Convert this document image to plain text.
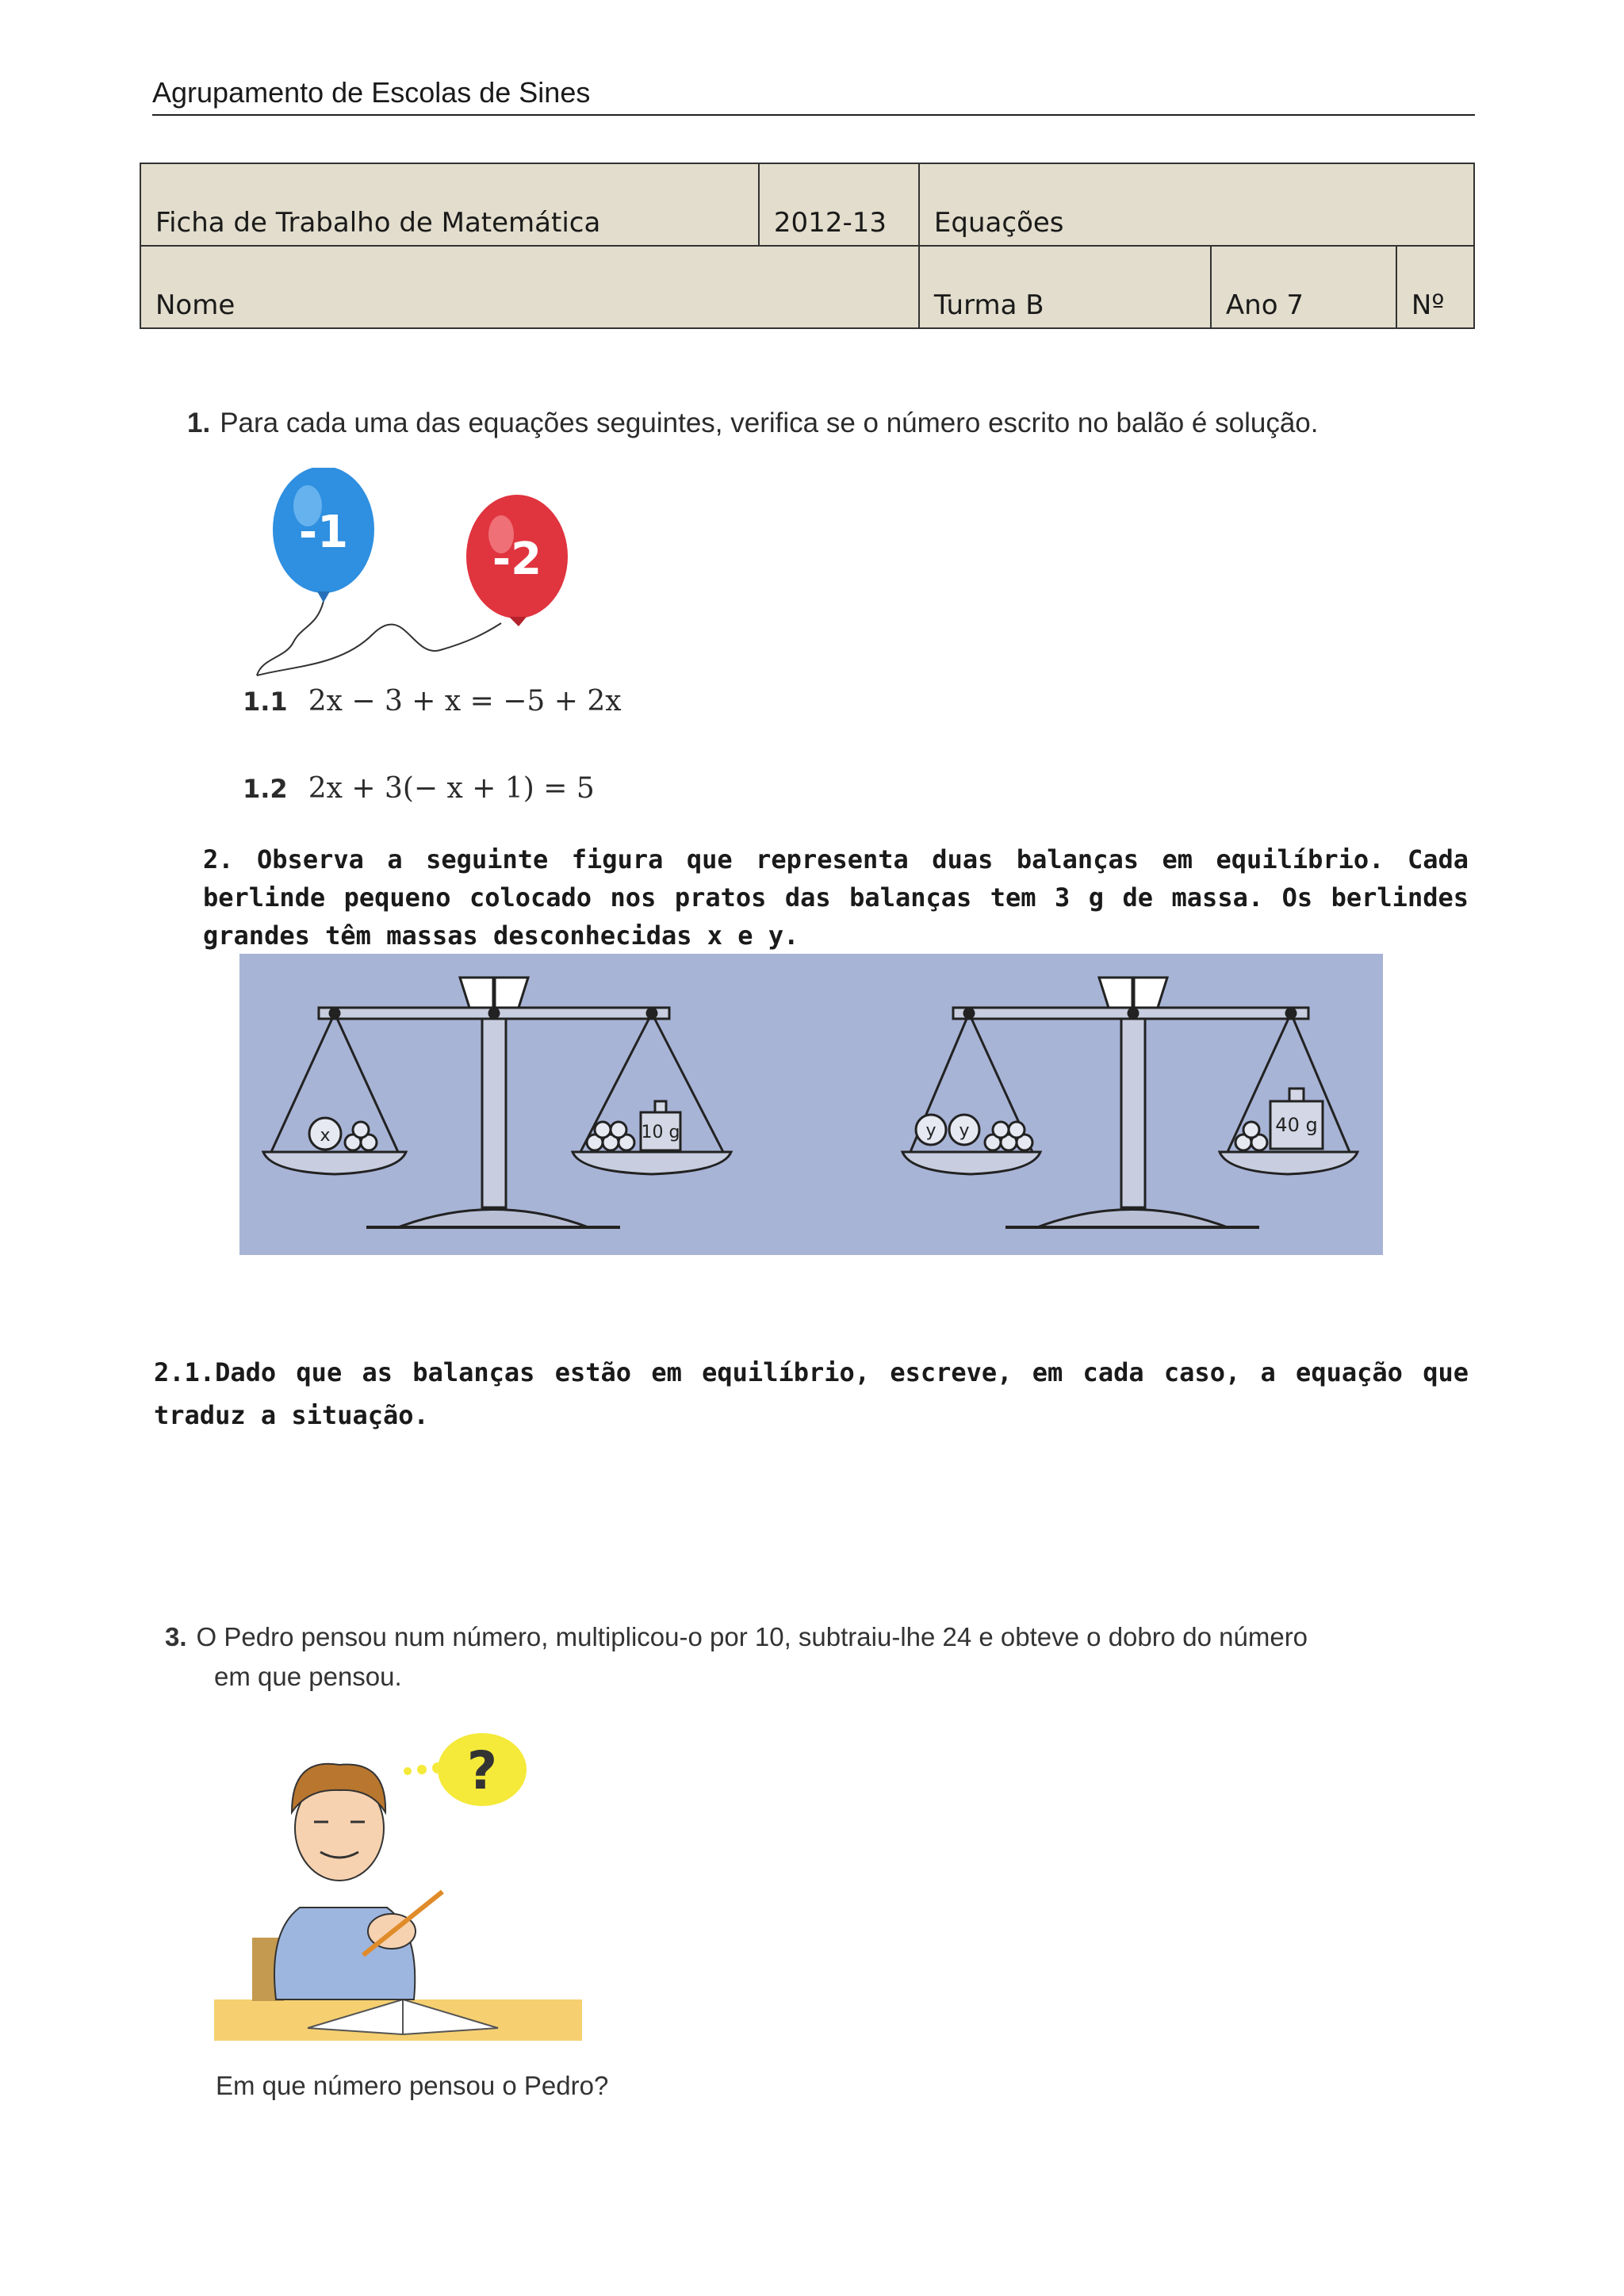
Agrupamento de Escolas de Sines
Ficha de Trabalho de Matemática	2012-13	Equações		
Nome		Turma B	Ano 7	Nº
1. Para cada uma das equações seguintes, verifica se o número escrito no balão é solução.
-1
-2
1.1 2x − 3 + x = −5 + 2x
1.2 2x + 3(− x + 1) = 5
2. Observa a seguinte figura que representa duas balanças em equilíbrio. Cada berlinde pequeno colocado nos pratos das balanças tem 3 g de massa. Os berlindes grandes têm massas desconhecidas x e y.
x	10 g	y y	40 g
2.1.Dado que as balanças estão em equilíbrio, escreve, em cada caso, a equação que traduz a situação.
3. O Pedro pensou num número, multiplicou-o por 10, subtraiu-lhe 24 e obteve o dobro do número
em que pensou.
?
Em que número pensou o Pedro?
